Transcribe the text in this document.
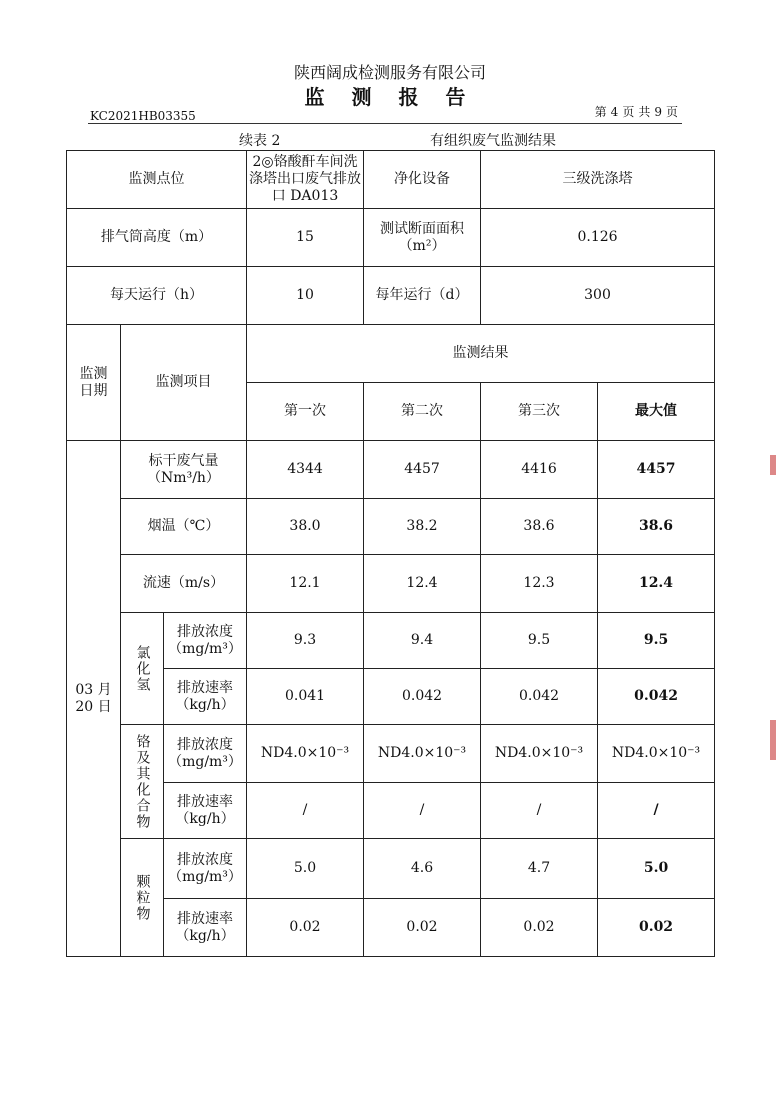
陕西阔成检测服务有限公司
监 测 报 告
KC2021HB03355	第 4 页 共 9 页
续表 2	有组织废气监测结果
监测点位			2◎铬酸酐车间洗涤塔出口废气排放口 DA013	净化设备	三级洗涤塔	
排气筒高度（m）			15	测试断面面积（m²）	0.126	
每天运行（h）			10	每年运行（d）	300	

监测日期	监测项目		监测结果			
			第一次	第二次	第三次	最大值

03 月 20 日	标干废气量（Nm³/h）		4344	4457	4416	4457
	烟温（℃）		38.0	38.2	38.6	38.6
	流速（m/s）		12.1	12.4	12.3	12.4

	氯化氢	排放浓度（mg/m³）	9.3	9.4	9.5	9.5

		排放速率（kg/h）	0.041	0.042	0.042	0.042

	铬及其化合物	排放浓度（mg/m³）	ND4.0×10⁻³	ND4.0×10⁻³	ND4.0×10⁻³	ND4.0×10⁻³

		排放速率（kg/h）	/	/	/	/

	颗粒物	排放浓度（mg/m³）	5.0	4.6	4.7	5.0

		排放速率（kg/h）	0.02	0.02	0.02	0.02
